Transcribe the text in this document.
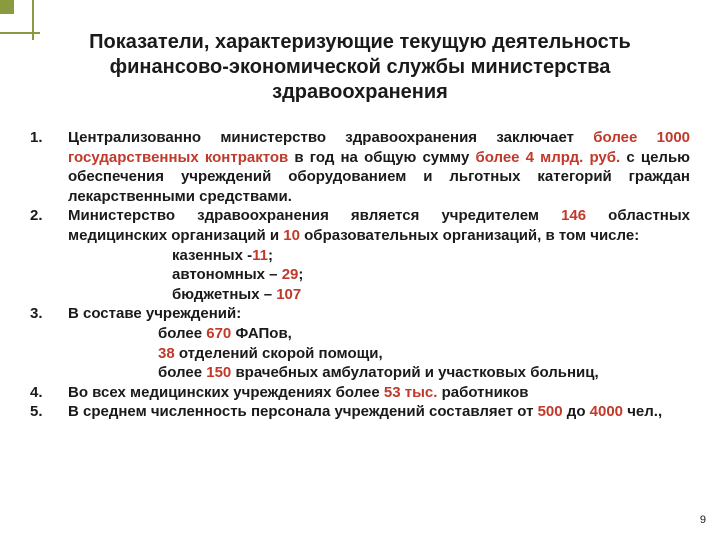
Показатели, характеризующие текущую деятельность
финансово-экономической службы министерства
здравоохранения
1.	Централизованно министерство здравоохранения заключает более 1000 государственных контрактов в год на общую сумму более 4 млрд. руб. с целью обеспечения учреждений оборудованием и льготных категорий граждан лекарственными средствами.
2.	Министерство здравоохранения является учредителем 146 областных медицинских организаций и 10 образовательных организаций, в том числе:
казенных -11;
автономных – 29;
бюджетных – 107
3.	В составе учреждений:
более 670 ФАПов,
38 отделений скорой помощи,
более 150 врачебных амбулаторий и участковых больниц,
4.	Во всех медицинских учреждениях более 53 тыс. работников
5.	В среднем численность персонала учреждений составляет от 500 до 4000 чел.,
9
